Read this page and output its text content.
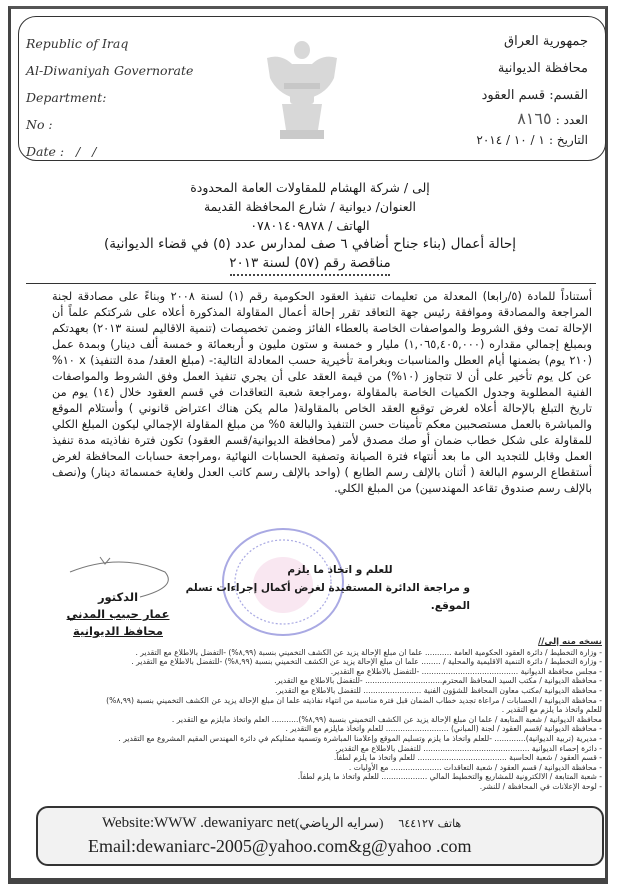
Republic of Iraq
Al-Diwaniyah Governorate
Department:
No :
Date : /   /
جمهورية العراق
محافظة الديوانية
القسم: قسم العقود
العدد : ٨١٦٥
التاريخ : ١ / ١٠ / ٢٠١٤
إلى / شركة الهشام للمقاولات العامة المحدودة
العنوان/ ديوانية / شارع المحافظة القديمة
الهاتف / ٠٧٨٠١٤٠٩٨٧٨
إحالة أعمال (بناء جناح أضافي ٦ صف لمدارس عدد (٥) في قضاء الديوانية)
مناقصة رقم (٥٧) لسنة ٢٠١٣
أستناداً للمادة (٥/رابعا) المعدلة من تعليمات تنفيذ العقود الحكومية رقم (١) لسنة ٢٠٠٨ وبناءً على مصادقة لجنة المراجعة والمصادقة وموافقة رئيس جهة التعاقد تقرر إحالة أعمال المقاولة المذكورة أعلاه على شركتكم علماً أن الإحالة تمت وفق الشروط والمواصفات الخاصة بالعطاء الفائز وضمن تخصيصات (تنمية الاقاليم لسنة ٢٠١٣) بعهدتكم وبمبلغ إجمالي مقداره (١,٠٦٥,٤٠٥,٠٠٠) مليار و خمسة و ستون مليون و أربعمائة و خمسة ألف دينار) وبمدة عمل (٢١٠ يوم) بضمنها أيام العطل والمناسبات وبغرامة تأخيرية حسب المعادلة التالية:- (مبلغ العقد/ مدة التنفيذ) x ١٠% عن كل يوم تأخير على أن لا تتجاوز (١٠%) من قيمة العقد على أن يجري تنفيذ العمل وفق الشروط والمواصفات الفنية المطلوبة وجدول الكميات الخاصة بالمقاولة ،ومراجعة شعبة التعاقدات في قسم العقود خلال (١٤) يوم من تاريخ التبلغ بالإحالة أعلاه لغرض توقيع العقد الخاص بالمقاولة( مالم يكن هناك اعتراض قانوني ) وأستلام الموقع والمباشرة بالعمل مستصحبين معكم تأمينات حسن التنفيذ والبالغة ٥% من مبلغ المقاولة الإجمالي ليكون المبلغ الكلي للمقاولة على شكل خطاب ضمان أو صك مصدق لأمر (محافظة الديوانية/قسم العقود) تكون فترة نفاذيته مدة تنفيذ العمل وقابل للتجديد الى ما بعد أنتهاء فترة الصيانة وتصفية الحسابات النهائية ،ومراجعة حسابات المحافظة لغرض أستقطاع الرسوم البالغة ( أثنان بالإلف رسم الطابع ) (واحد بالإلف رسم كاتب العدل ولغاية خمسمائة دينار) و(نصف بالإلف رسم صندوق تقاعد المهندسين) من المبلغ الكلي.
للعلم و اتخاذ ما يلزم
و مراجعة الدائرة المستفيدة لغرض أكمال إجراءات تسلم الموقع.
الدكتور
عمار حبيب المدني
محافظ الديوانية
نسخه منه إلى//
- وزارة التخطيط / دائرة العقود الحكومية العامة ........... علما ان مبلغ الإحالة يزيد عن الكشف التخميني بنسبة (٨,٩٩%) -التفضل بالاطلاع مع التقدير .
- وزارة التخطيط / دائرة التنمية الاقليمية والمحلية / ........ علما ان مبلغ الإحالة يزيد عن الكشف التخميني بنسبة (٨,٩٩%) -للتفضل بالاطلاع مع التقدير .
- مجلس محافظة الديوانية ........................................ -للتفضل بالاطلاع مع التقدير.
- محافظة الديوانية / مكتب السيد المحافظ المحترم................................ -للتفضل بالاطلاع مع التقدير.
- محافظة الديوانية /مكتب معاون المحافظ للشؤون الفنية ........................ للتفضل بالاطلاع مع التقدير.
- محافظة الديوانية / الحسابات / مراعاة تجديد خطاب الضمان قبل فترة مناسبة من انتهاء نفاذيته علما ان مبلغ الإحالة يزيد عن الكشف التخميني بنسبة (٨,٩٩%)
للعلم واتخاذ ما يلزم مع التقدير .
محافظة الديوانية / شعبة المتابعة / علما ان مبلغ الإحالة يزيد عن الكشف التخميني بنسبة (٨,٩٩%)........... العلم واتخاذ مايلزم مع التقدير .
- محافظة الديوانية /قسم العقود / لجنة (المباني) .......................... للعلم واتخاذ مايلزم مع التقدير .
- مديرية (تربية الديوانية)............. -للعلم واتخاذ ما يلزم وتسليم الموقع وإعلامنا المباشرة وتسمية ممثليكم في دائرة المهندس المقيم المشروع مع التقدير .
- دائرة إحصاء الديوانية ............................................ للتفضل بالاطلاع مع التقدير.
- قسم العقود / شعبة الحاسبة ..................................... للعلم واتخاذ ما يلزم لطفاً.
- محافظة الديوانية / قسم العقود / شعبة التعاقدات ..................... مع الأوليات .
- شعبة المتابعة / الالكترونية للمشاريع والتخطيط المالي ................... للعلم واتخاذ ما يلزم لطفاً.
- لوحة الإعلانات في المحافظة / للنشر.
Website:WWW .dewaniyarc net(سرايه الرياضي)	هاتف ٦٤٤١٢٧
Email:dewaniarc-2005@yahoo.com&g@yahoo .com
